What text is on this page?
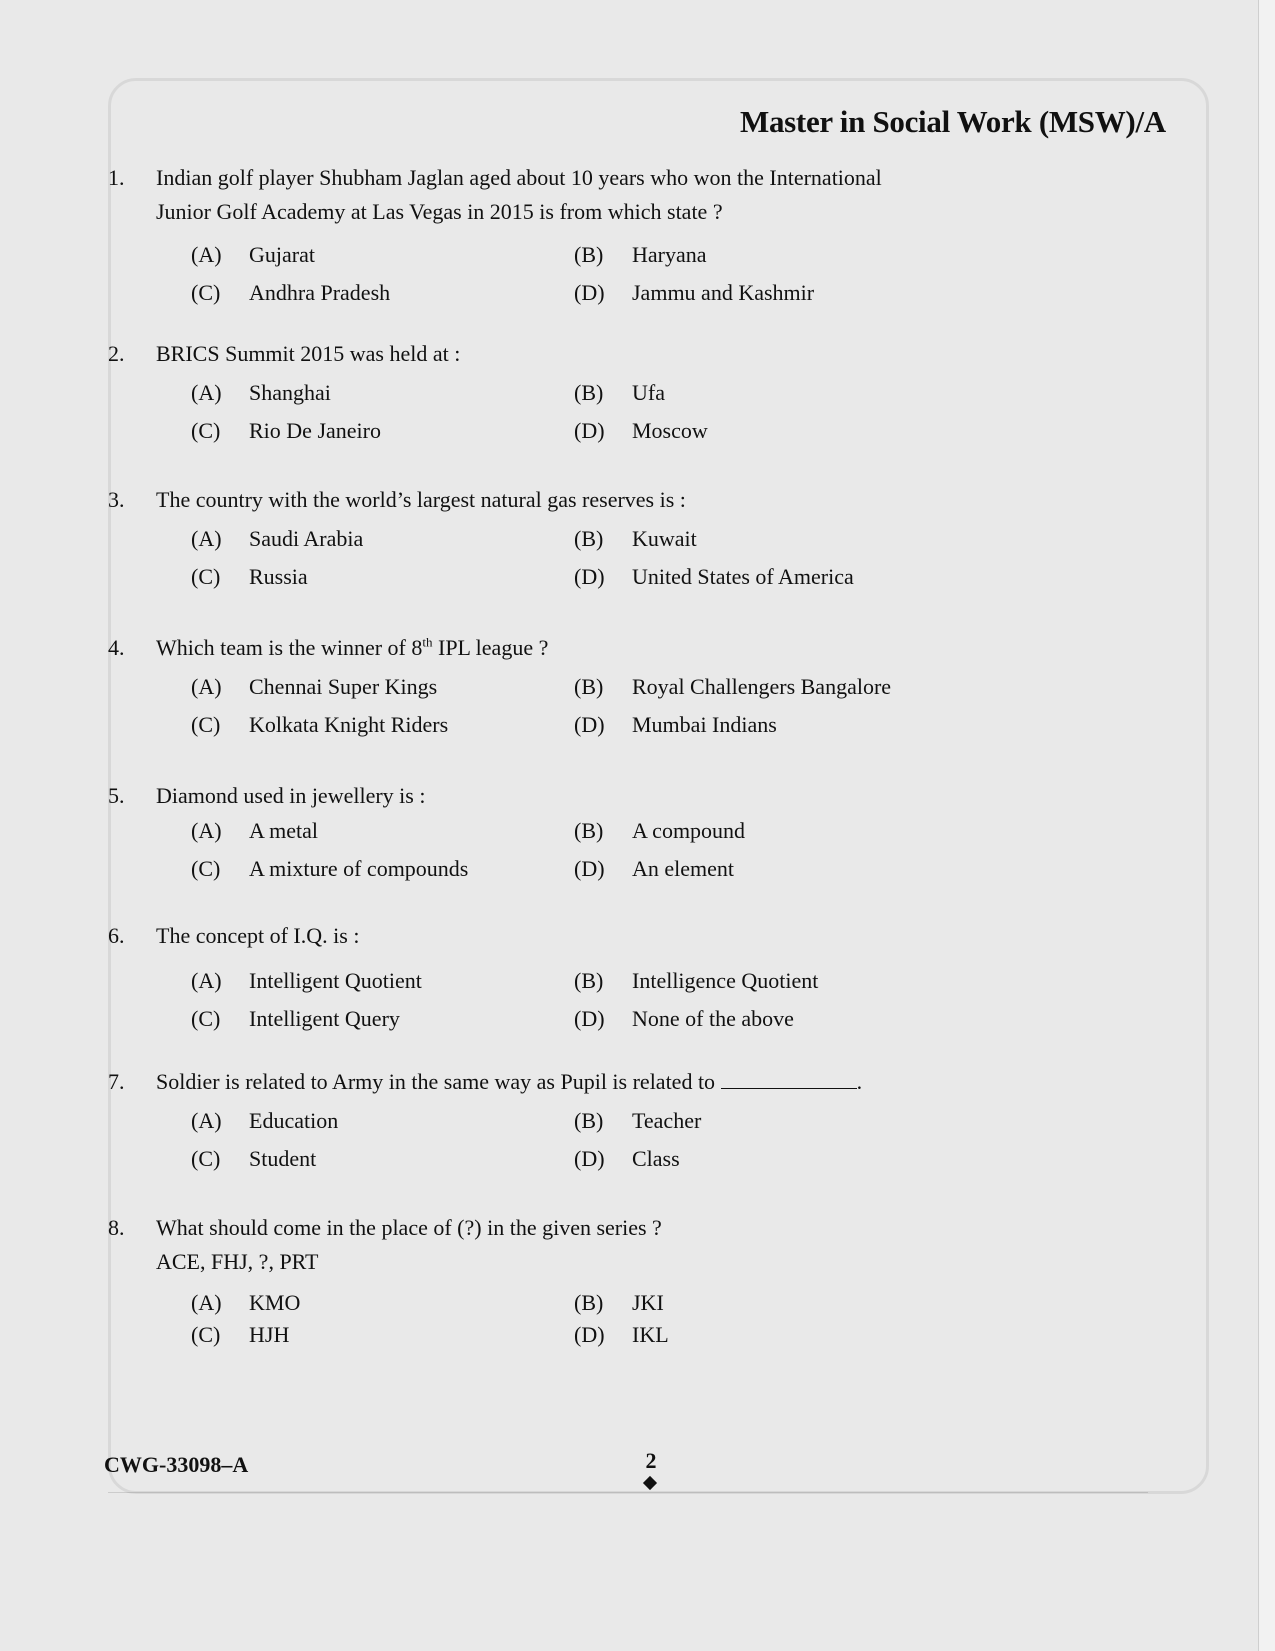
Master in Social Work (MSW)/A
1. Indian golf player Shubham Jaglan aged about 10 years who won the International
Junior Golf Academy at Las Vegas in 2015 is from which state ?
(A) Gujarat	(B) Haryana
(C) Andhra Pradesh	(D) Jammu and Kashmir
2. BRICS Summit 2015 was held at :
(A) Shanghai	(B) Ufa
(C) Rio De Janeiro	(D) Moscow
3. The country with the world’s largest natural gas reserves is :
(A) Saudi Arabia	(B) Kuwait
(C) Russia	(D) United States of America
4. Which team is the winner of 8th IPL league ?
(A) Chennai Super Kings	(B) Royal Challengers Bangalore
(C) Kolkata Knight Riders	(D) Mumbai Indians
5. Diamond used in jewellery is :
(A) A metal	(B) A compound
(C) A mixture of compounds	(D) An element
6. The concept of I.Q. is :
(A) Intelligent Quotient	(B) Intelligence Quotient
(C) Intelligent Query	(D) None of the above
7. Soldier is related to Army in the same way as Pupil is related to	.
(A) Education	(B) Teacher
(C) Student	(D) Class
8. What should come in the place of (?) in the given series ?
ACE, FHJ, ?, PRT
(A) KMO	(B) JKI
(C) HJH	(D) IKL
CWG-33098–A	2
